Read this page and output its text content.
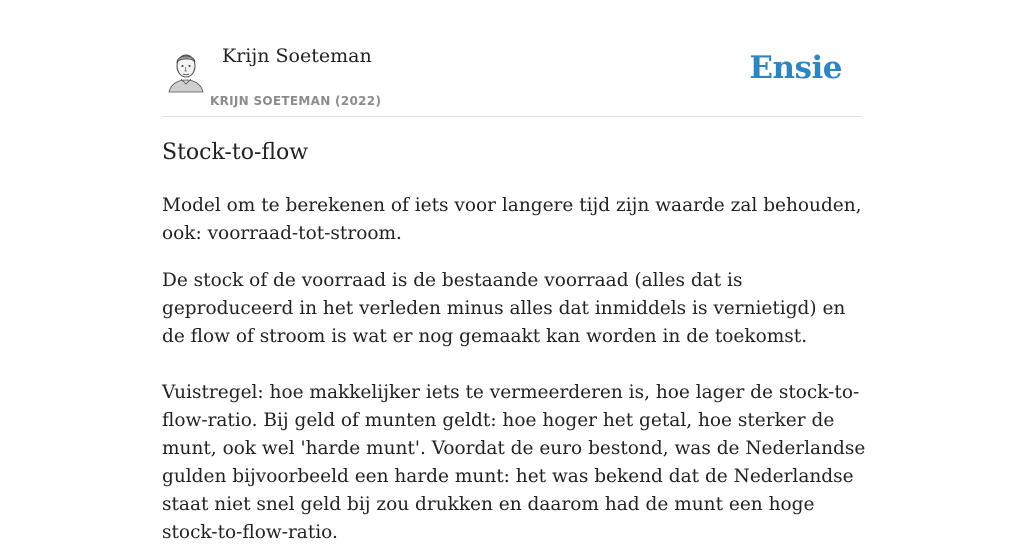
Krijn Soeteman
KRIJN SOETEMAN (2022)
Ensie
Stock-to-flow

Model om te berekenen of iets voor langere tijd zijn waarde zal behouden, ook: voorraad-tot-stroom.

De stock of de voorraad is de bestaande voorraad (alles dat is geproduceerd in het verleden minus alles dat inmiddels is vernietigd) en de flow of stroom is wat er nog gemaakt kan worden in de toekomst.

Vuistregel: hoe makkelijker iets te vermeerderen is, hoe lager de stock-to-flow-ratio. Bij geld of munten geldt: hoe hoger het getal, hoe sterker de munt, ook wel 'harde munt'. Voordat de euro bestond, was de Nederlandse gulden bijvoorbeeld een harde munt: het was bekend dat de Nederlandse staat niet snel geld bij zou drukken en daarom had de munt een hoge stock-to-flow-ratio.
